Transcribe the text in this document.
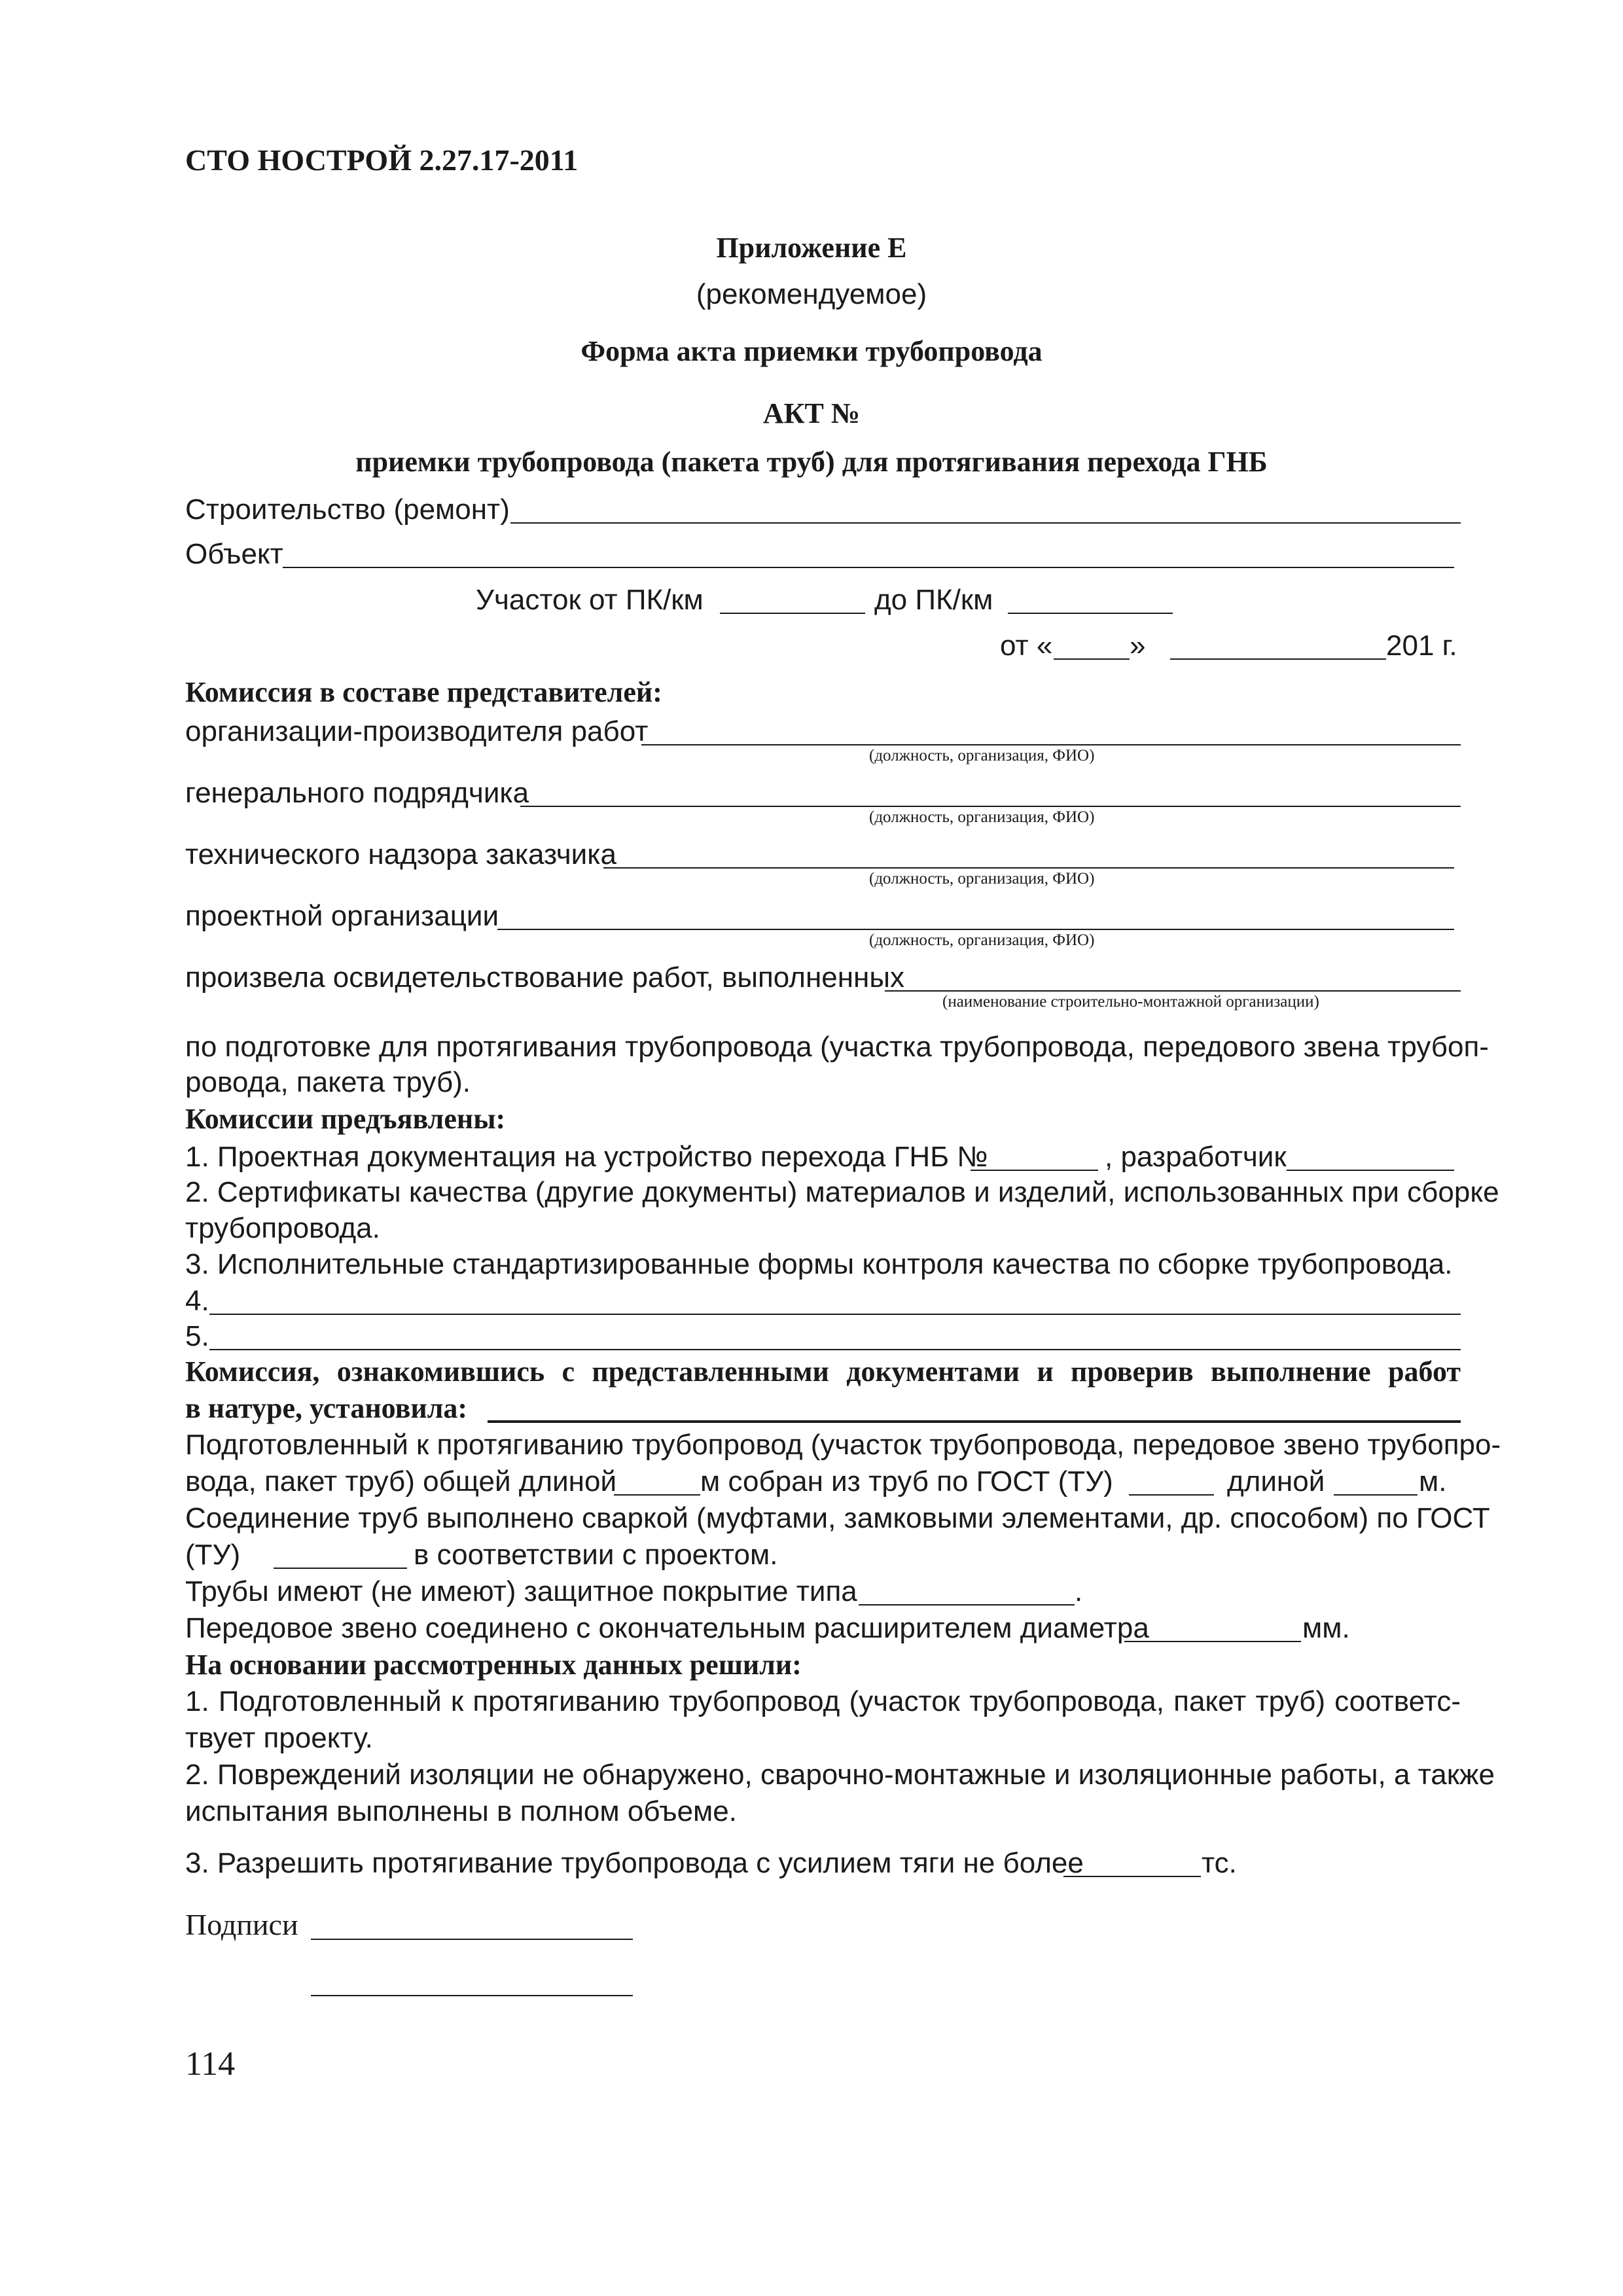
СТО НОСТРОЙ 2.27.17-2011
Приложение Е
(рекомендуемое)
Форма акта приемки трубопровода
АКТ №
приемки трубопровода (пакета труб) для протягивания перехода ГНБ
Строительство (ремонт)
Объект
Участок от ПК/км	до ПК/км
от «	»	201 г.
Комиссия в составе представителей:
организации-производителя работ
(должность, организация, ФИО)
генерального подрядчика
(должность, организация, ФИО)
технического надзора заказчика
(должность, организация, ФИО)
проектной организации
(должность, организация, ФИО)
произвела освидетельствование работ, выполненных
(наименование строительно-монтажной организации)
по подготовке для протягивания трубопровода (участка трубопровода, передового звена трубоп-
ровода, пакета труб).
Комиссии предъявлены:
1. Проектная документация на устройство перехода ГНБ №	, разработчик
2. Сертификаты качества (другие документы) материалов и изделий, использованных при сборке
трубопровода.
3. Исполнительные стандартизированные формы контроля качества по сборке трубопровода.
4.
5.
Комиссия, ознакомившись с представленными документами и проверив выполнение работ
в натуре, установила:
Подготовленный к протягиванию трубопровод (участок трубопровода, передовое звено трубопро-
вода, пакет труб) общей длиной	м собран из труб по ГОСТ (ТУ)	длиной	м.
Соединение труб выполнено сваркой (муфтами, замковыми элементами, др. способом) по ГОСТ
(ТУ)	в соответствии с проектом.
Трубы имеют (не имеют) защитное покрытие типа	.
Передовое звено соединено с окончательным расширителем диаметра	мм.
На основании рассмотренных данных решили:
1. Подготовленный к протягиванию трубопровод (участок трубопровода, пакет труб) соответс-
твует проекту.
2. Повреждений изоляции не обнаружено, сварочно-монтажные и изоляционные работы, а также
испытания выполнены в полном объеме.
3. Разрешить протягивание трубопровода с усилием тяги не более	тс.
Подписи
114
